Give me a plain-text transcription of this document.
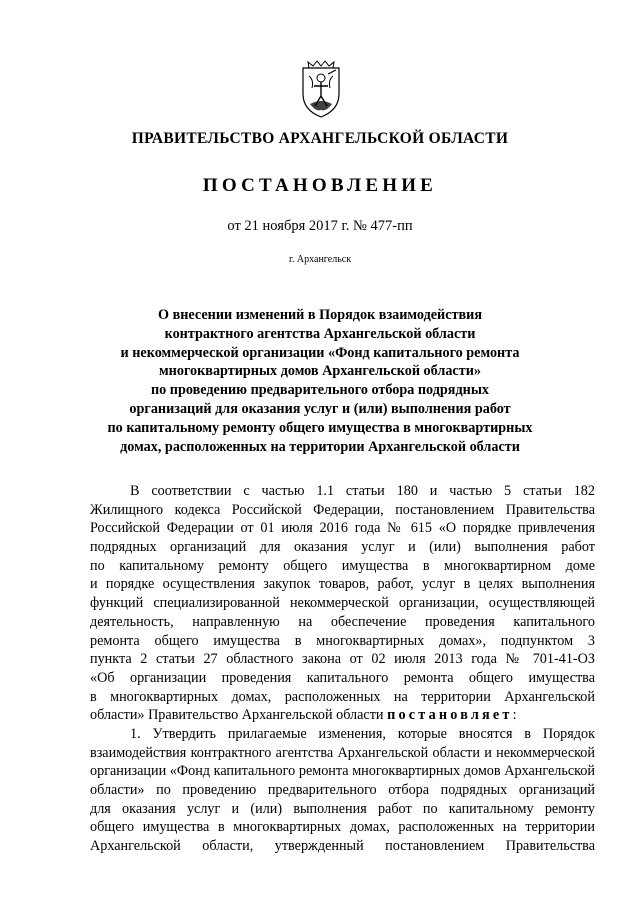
ПРАВИТЕЛЬСТВО АРХАНГЕЛЬСКОЙ ОБЛАСТИ
ПОСТАНОВЛЕНИЕ
от 21 ноября 2017 г. № 477-пп
г. Архангельск
О внесении изменений в Порядок взаимодействия
контрактного агентства Архангельской области
и некоммерческой организации «Фонд капитального ремонта
многоквартирных домов Архангельской области»
по проведению предварительного отбора подрядных
организаций для оказания услуг и (или) выполнения работ
по капитальному ремонту общего имущества в многоквартирных
домах, расположенных на территории Архангельской области
В соответствии с частью 1.1 статьи 180 и частью 5 статьи 182
Жилищного кодекса Российской Федерации, постановлением Правительства
Российской Федерации от 01 июля 2016 года № 615 «О порядке привлечения
подрядных организаций для оказания услуг и (или) выполнения работ
по капитальному ремонту общего имущества в многоквартирном доме
и порядке осуществления закупок товаров, работ, услуг в целях выполнения
функций специализированной некоммерческой организации, осуществляющей
деятельность, направленную на обеспечение проведения капитального
ремонта общего имущества в многоквартирных домах», подпунктом 3
пункта 2 статьи 27 областного закона от 02 июля 2013 года № 701-41-ОЗ
«Об организации проведения капитального ремонта общего имущества
в многоквартирных домах, расположенных на территории Архангельской
области» Правительство Архангельской области постановляет:
1. Утвердить прилагаемые изменения, которые вносятся в Порядок
взаимодействия контрактного агентства Архангельской области и некоммерческой
организации «Фонд капитального ремонта многоквартирных домов Архангельской
области» по проведению предварительного отбора подрядных организаций
для оказания услуг и (или) выполнения работ по капитальному ремонту
общего имущества в многоквартирных домах, расположенных на территории
Архангельской области, утвержденный постановлением Правительства
